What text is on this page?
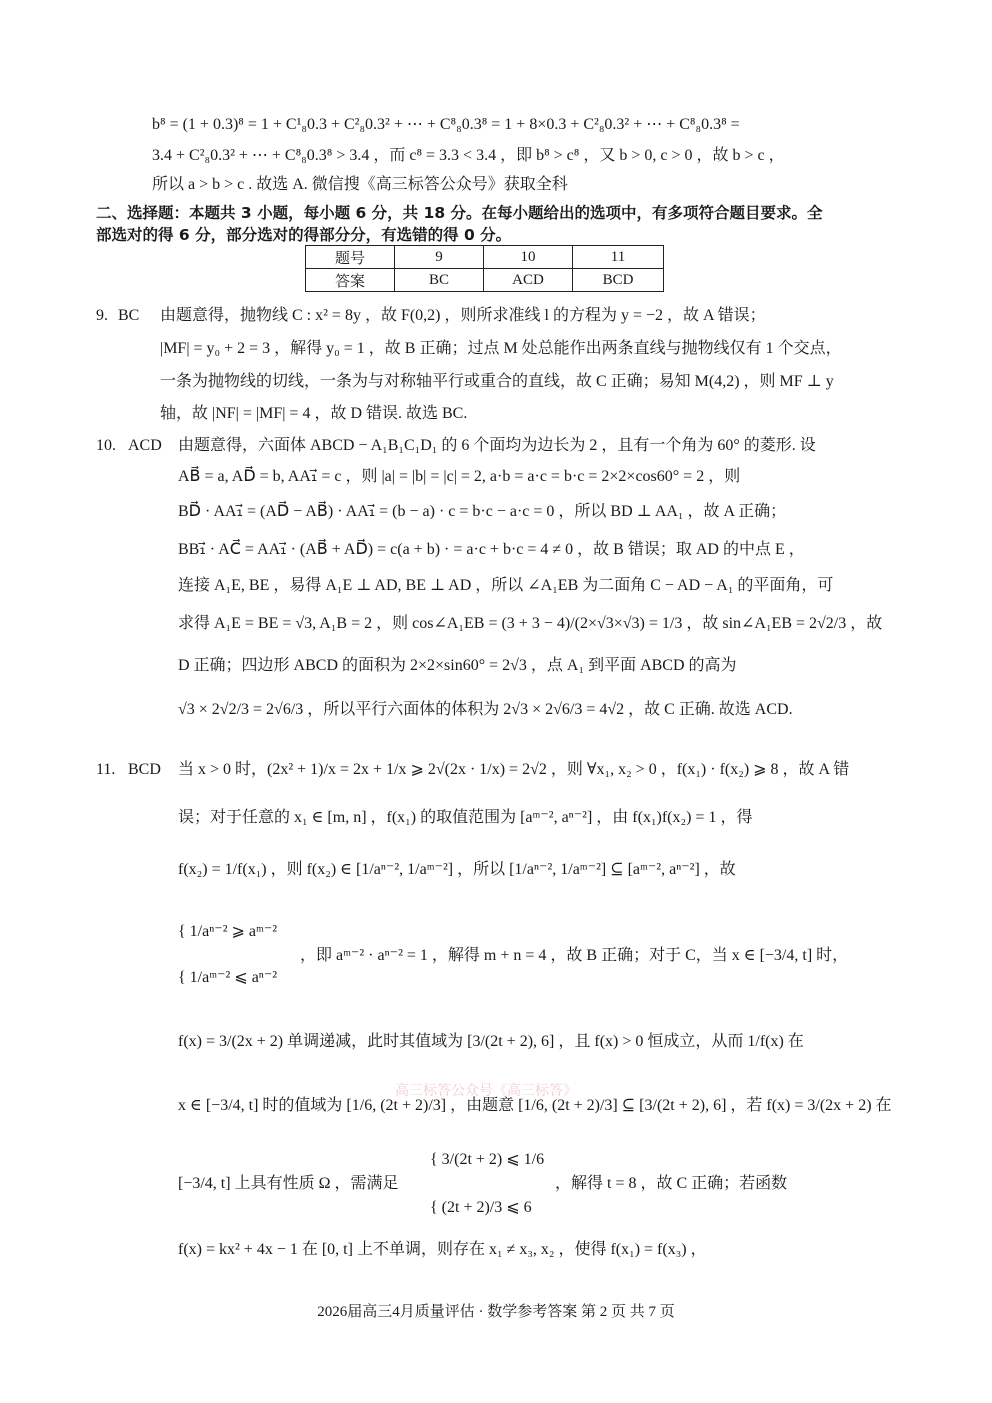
b⁸ = (1 + 0.3)⁸ = 1 + C¹₈0.3 + C²₈0.3² + ⋯ + C⁸₈0.3⁸ = 1 + 8×0.3 + C²₈0.3² + ⋯ + C⁸₈0.3⁸ =
3.4 + C²₈0.3² + ⋯ + C⁸₈0.3⁸ > 3.4 ，而 c⁸ = 3.3 < 3.4 ，即 b⁸ > c⁸ ，又 b > 0, c > 0 ，故 b > c ，
所以 a > b > c . 故选 A. 微信搜《高三标答公众号》获取全科
二、选择题：本题共 3 小题，每小题 6 分，共 18 分。在每小题给出的选项中，有多项符合题目要求。全
部选对的得 6 分，部分选对的得部分分，有选错的得 0 分。
题号	9	10	11
答案	BC	ACD	BCD
9. BC 由题意得，抛物线 C : x² = 8y ，故 F(0,2) ，则所求准线 l 的方程为 y = −2 ，故 A 错误；
|MF| = y₀ + 2 = 3 ，解得 y₀ = 1 ，故 B 正确；过点 M 处总能作出两条直线与抛物线仅有 1 个交点，
一条为抛物线的切线，一条为与对称轴平行或重合的直线，故 C 正确；易知 M(4,2) ，则 MF ⊥ y
轴，故 |NF| = |MF| = 4 ，故 D 错误. 故选 BC.
10. ACD 由题意得，六面体 ABCD − A₁B₁C₁D₁ 的 6 个面均为边长为 2 ，且有一个角为 60° 的菱形. 设
AB⃗ = a, AD⃗ = b, AA₁⃗ = c ，则 |a| = |b| = |c| = 2, a·b = a·c = b·c = 2×2×cos60° = 2 ，则
BD⃗ · AA₁⃗ = (AD⃗ − AB⃗) · AA₁⃗ = (b − a) · c = b·c − a·c = 0 ，所以 BD ⊥ AA₁ ，故 A 正确；
BB₁⃗ · AC⃗ = AA₁⃗ · (AB⃗ + AD⃗) = c(a + b) · = a·c + b·c = 4 ≠ 0 ，故 B 错误；取 AD 的中点 E ，
连接 A₁E, BE ，易得 A₁E ⊥ AD, BE ⊥ AD ，所以 ∠A₁EB 为二面角 C − AD − A₁ 的平面角，可
求得 A₁E = BE = √3, A₁B = 2 ，则 cos∠A₁EB = (3 + 3 − 4)/(2×√3×√3) = 1/3 ，故 sin∠A₁EB = 2√2/3 ，故
D 正确；四边形 ABCD 的面积为 2×2×sin60° = 2√3 ，点 A₁ 到平面 ABCD 的高为
√3 × 2√2/3 = 2√6/3 ，所以平行六面体的体积为 2√3 × 2√6/3 = 4√2 ，故 C 正确. 故选 ACD.
11. BCD 当 x > 0 时，(2x² + 1)/x = 2x + 1/x ⩾ 2√(2x · 1/x) = 2√2 ，则 ∀x₁, x₂ > 0 ，f(x₁) · f(x₂) ⩾ 8 ，故 A 错
误；对于任意的 x₁ ∈ [m, n] ，f(x₁) 的取值范围为 [aᵐ⁻², aⁿ⁻²] ，由 f(x₁)f(x₂) = 1 ，得
f(x₂) = 1/f(x₁) ，则 f(x₂) ∈ [1/aⁿ⁻², 1/aᵐ⁻²] ，所以 [1/aⁿ⁻², 1/aᵐ⁻²] ⊆ [aᵐ⁻², aⁿ⁻²] ，故
{ 1/aⁿ⁻² ⩾ aᵐ⁻²
{ 1/aᵐ⁻² ⩽ aⁿ⁻²
，即 aᵐ⁻² · aⁿ⁻² = 1 ，解得 m + n = 4 ，故 B 正确；对于 C，当 x ∈ [−3/4, t] 时，
f(x) = 3/(2x + 2) 单调递减，此时其值域为 [3/(2t + 2), 6] ，且 f(x) > 0 恒成立，从而 1/f(x) 在
x ∈ [−3/4, t] 时的值域为 [1/6, (2t + 2)/3] ，由题意 [1/6, (2t + 2)/3] ⊆ [3/(2t + 2), 6] ，若 f(x) = 3/(2x + 2) 在
[−3/4, t] 上具有性质 Ω ，需满足
{ 3/(2t + 2) ⩽ 1/6
{ (2t + 2)/3 ⩽ 6
，解得 t = 8 ，故 C 正确；若函数
f(x) = kx² + 4x − 1 在 [0, t] 上不单调，则存在 x₁ ≠ x₃, x₂ ，使得 f(x₁) = f(x₃) ，
高三标答公众号《高三标答》
2026届高三4月质量评估 · 数学参考答案 第 2 页 共 7 页
